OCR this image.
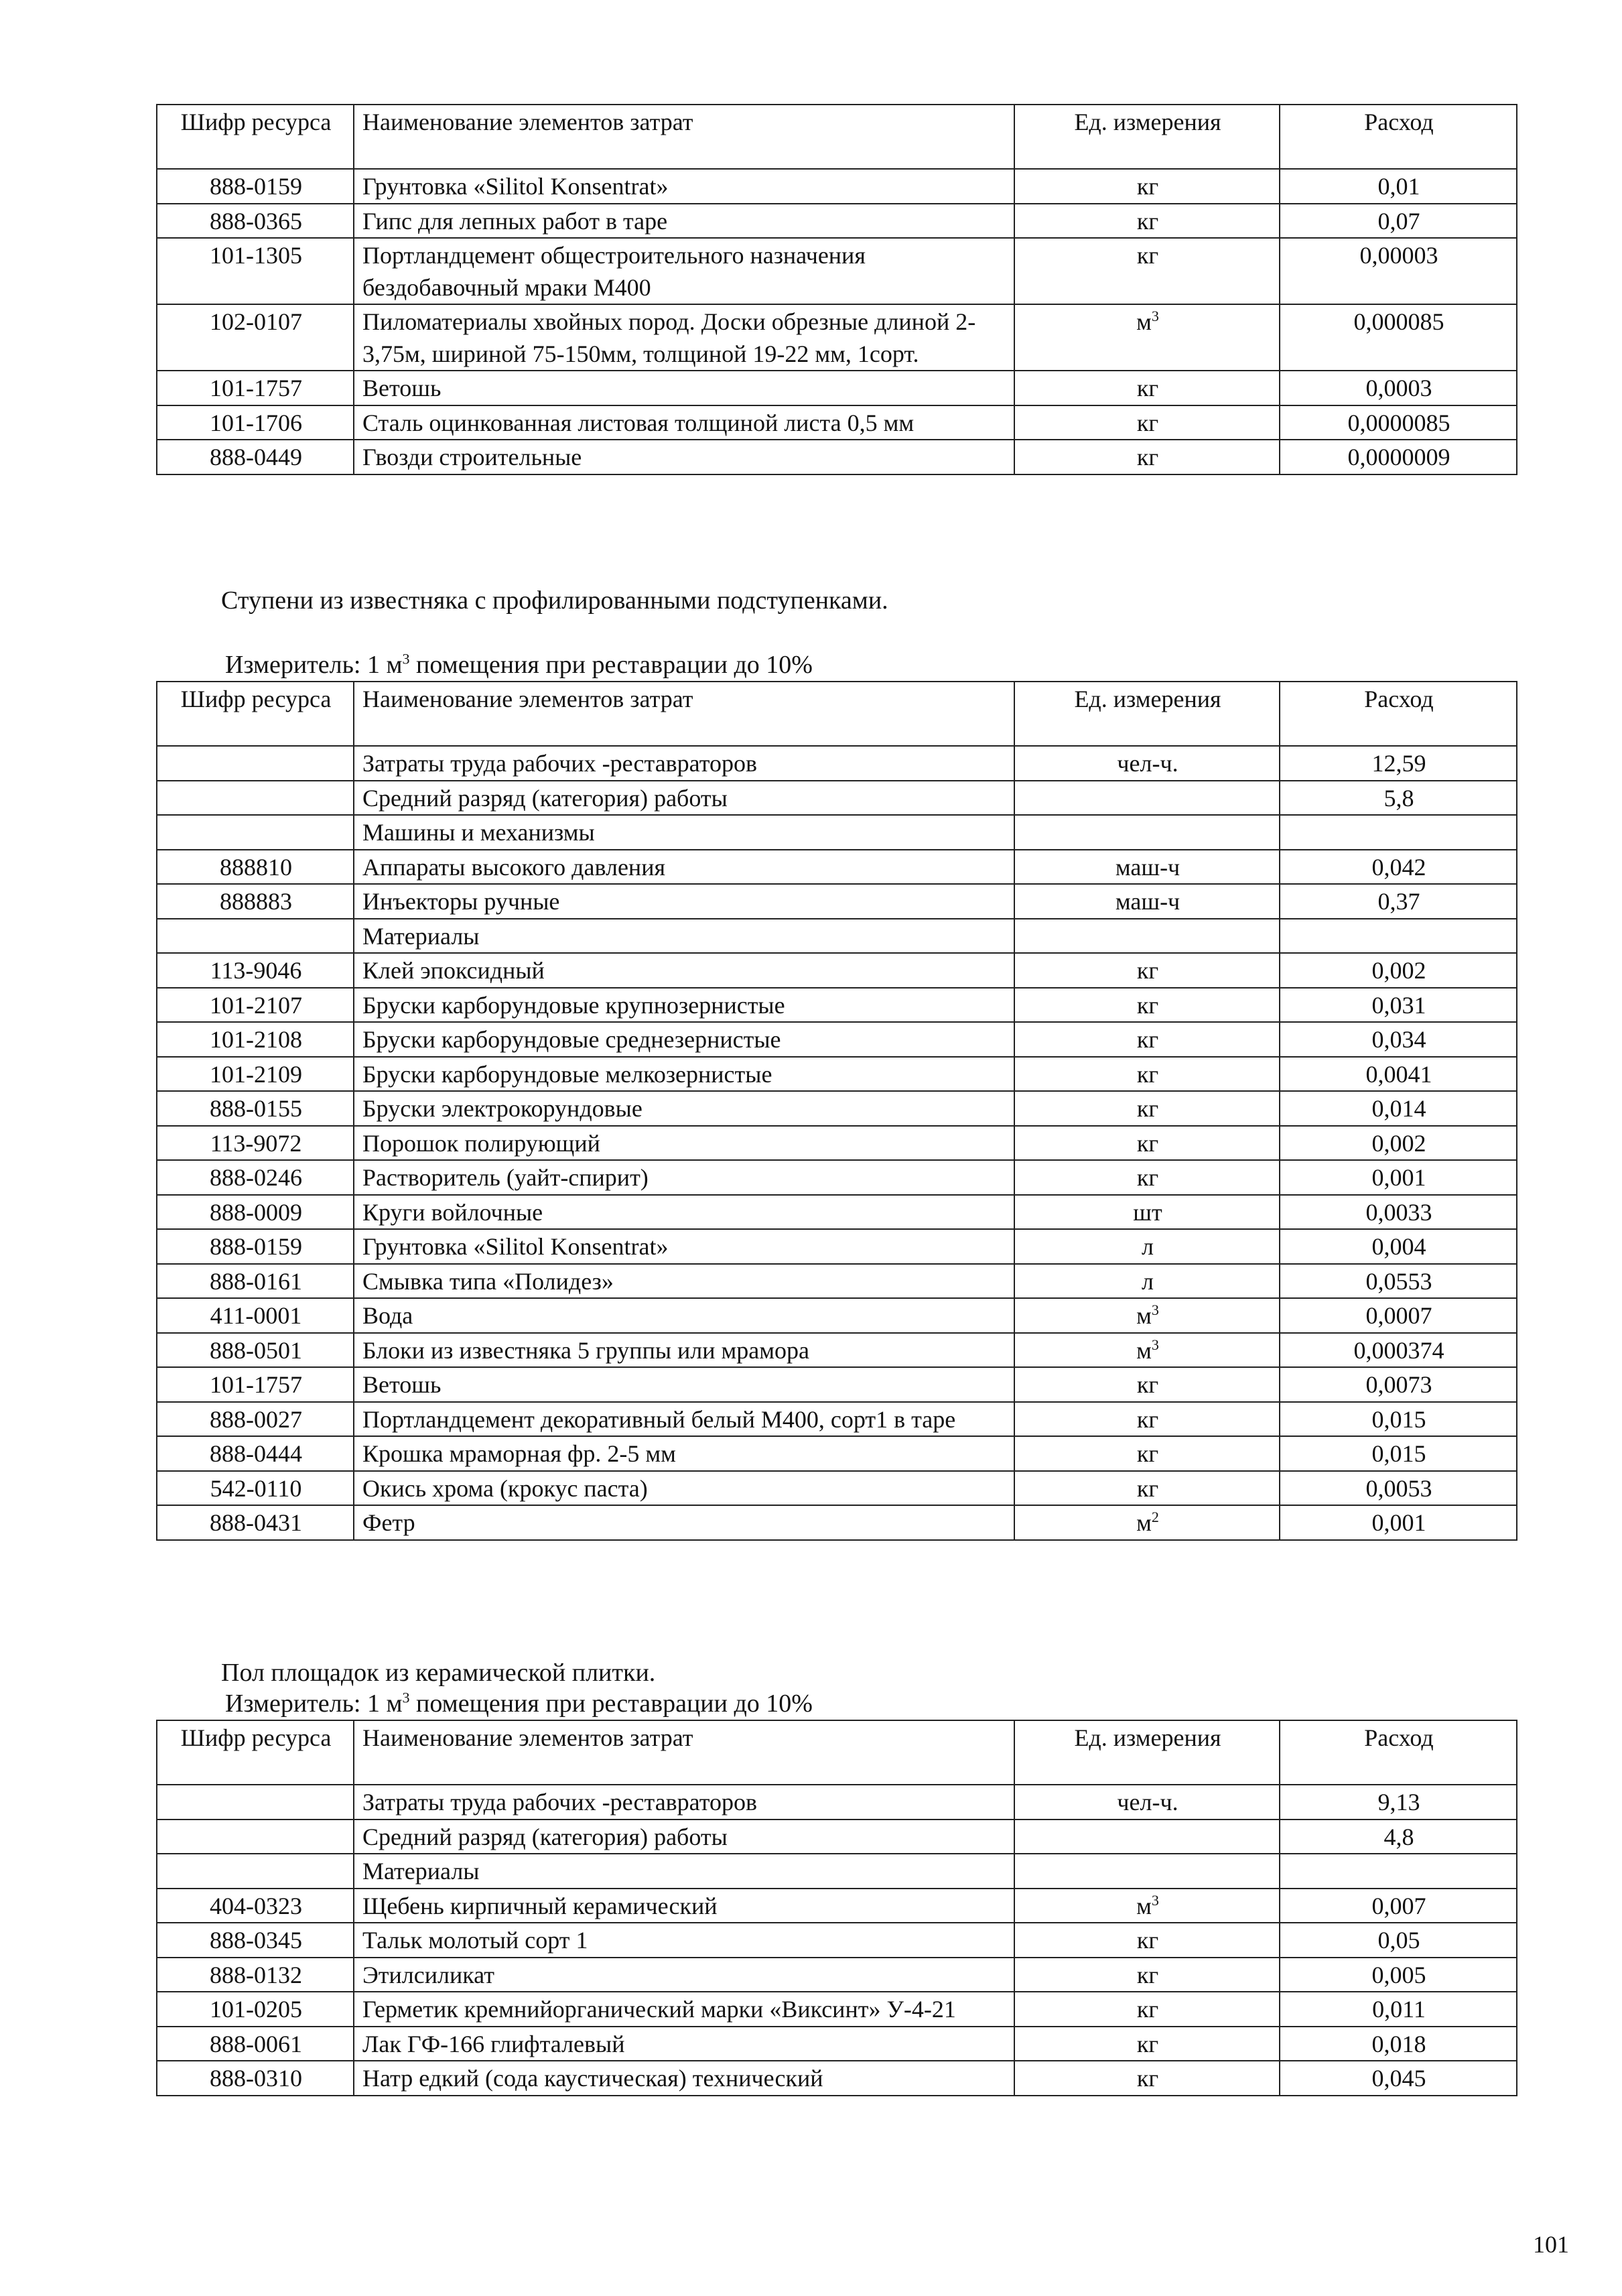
Шифр ресурса	Наименование элементов затрат	Ед. измерения	Расход
888-0159	Грунтовка «Silitol Konsentrat»	кг	0,01
888-0365	Гипс для лепных работ в таре	кг	0,07
101-1305	Портландцемент общестроительного назначения бездобавочный мраки М400	кг	0,00003
102-0107	Пиломатериалы хвойных пород. Доски обрезные длиной 2-3,75м, шириной 75-150мм, толщиной 19-22 мм, 1сорт.	$м^3$	0,000085
101-1757	Ветошь	кг	0,0003
101-1706	Сталь оцинкованная листовая толщиной листа 0,5 мм	кг	0,0000085
888-0449	Гвозди строительные	кг	0,0000009
Ступени из известняка с профилированными подступенками.
Измеритель: 1 $м^3$ помещения при реставрации до 10%
Шифр ресурса	Наименование элементов затрат	Ед. измерения	Расход
	Затраты труда рабочих -реставраторов	чел-ч.	12,59
	Средний разряд (категория) работы		5,8
	Машины и механизмы		
888810	Аппараты высокого давления	маш-ч	0,042
888883	Инъекторы ручные	маш-ч	0,37
	Материалы		
113-9046	Клей эпоксидный	кг	0,002
101-2107	Бруски карборундовые крупнозернистые	кг	0,031
101-2108	Бруски карборундовые среднезернистые	кг	0,034
101-2109	Бруски карборундовые мелкозернистые	кг	0,0041
888-0155	Бруски электрокорундовые	кг	0,014
113-9072	Порошок полирующий	кг	0,002
888-0246	Растворитель (уайт-спирит)	кг	0,001
888-0009	Круги войлочные	шт	0,0033
888-0159	Грунтовка «Silitol Konsentrat»	л	0,004
888-0161	Смывка типа «Полидез»	л	0,0553
411-0001	Вода	$м^3$	0,0007
888-0501	Блоки из известняка 5 группы или мрамора	$м^3$	0,000374
101-1757	Ветошь	кг	0,0073
888-0027	Портландцемент декоративный белый М400, сорт1 в таре	кг	0,015
888-0444	Крошка мраморная фр. 2-5 мм	кг	0,015
542-0110	Окись хрома (крокус паста)	кг	0,0053
888-0431	Фетр	$м^2$	0,001
Пол площадок из керамической плитки.
Измеритель: 1 $м^3$ помещения при реставрации до 10%
Шифр ресурса	Наименование элементов затрат	Ед. измерения	Расход
	Затраты труда рабочих -реставраторов	чел-ч.	9,13
	Средний разряд (категория) работы		4,8
	Материалы		
404-0323	Щебень кирпичный керамический	$м^3$	0,007
888-0345	Тальк молотый сорт 1	кг	0,05
888-0132	Этилсиликат	кг	0,005
101-0205	Герметик кремнийорганический марки «Виксинт» У-4-21	кг	0,011
888-0061	Лак ГФ-166 глифталевый	кг	0,018
888-0310	Натр едкий (сода каустическая) технический	кг	0,045
101
